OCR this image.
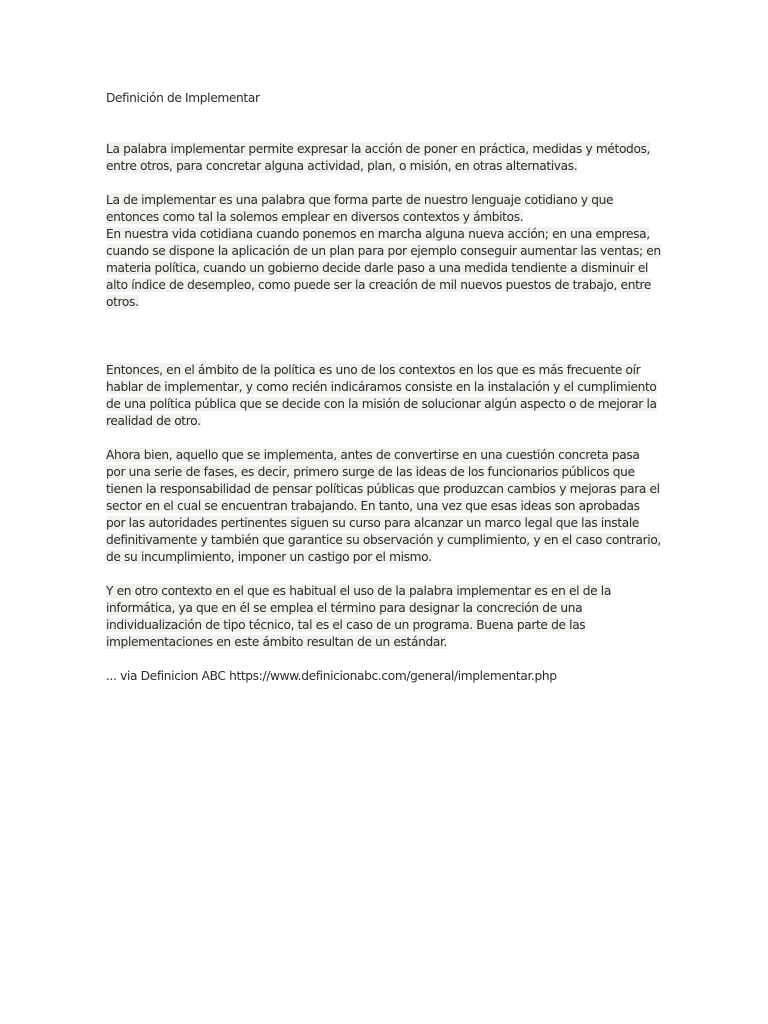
Definición de Implementar

La palabra implementar permite expresar la acción de poner en práctica, medidas y métodos, entre otros, para concretar alguna actividad, plan, o misión, en otras alternativas.

La de implementar es una palabra que forma parte de nuestro lenguaje cotidiano y que entonces como tal la solemos emplear en diversos contextos y ámbitos.

En nuestra vida cotidiana cuando ponemos en marcha alguna nueva acción; en una empresa, cuando se dispone la aplicación de un plan para por ejemplo conseguir aumentar las ventas; en materia política, cuando un gobierno decide darle paso a una medida tendiente a disminuir el alto índice de desempleo, como puede ser la creación de mil nuevos puestos de trabajo, entre otros.

Entonces, en el ámbito de la política es uno de los contextos en los que es más frecuente oír hablar de implementar, y como recién indicáramos consiste en la instalación y el cumplimiento de una política pública que se decide con la misión de solucionar algún aspecto o de mejorar la realidad de otro.

Ahora bien, aquello que se implementa, antes de convertirse en una cuestión concreta pasa por una serie de fases, es decir, primero surge de las ideas de los funcionarios públicos que tienen la responsabilidad de pensar políticas públicas que produzcan cambios y mejoras para el sector en el cual se encuentran trabajando. En tanto, una vez que esas ideas son aprobadas por las autoridades pertinentes siguen su curso para alcanzar un marco legal que las instale definitivamente y también que garantice su observación y cumplimiento, y en el caso contrario, de su incumplimiento, imponer un castigo por el mismo.

Y en otro contexto en el que es habitual el uso de la palabra implementar es en el de la informática, ya que en él se emplea el término para designar la concreción de una individualización de tipo técnico, tal es el caso de un programa. Buena parte de las implementaciones en este ámbito resultan de un estándar.

... via Definicion ABC https://www.definicionabc.com/general/implementar.php
